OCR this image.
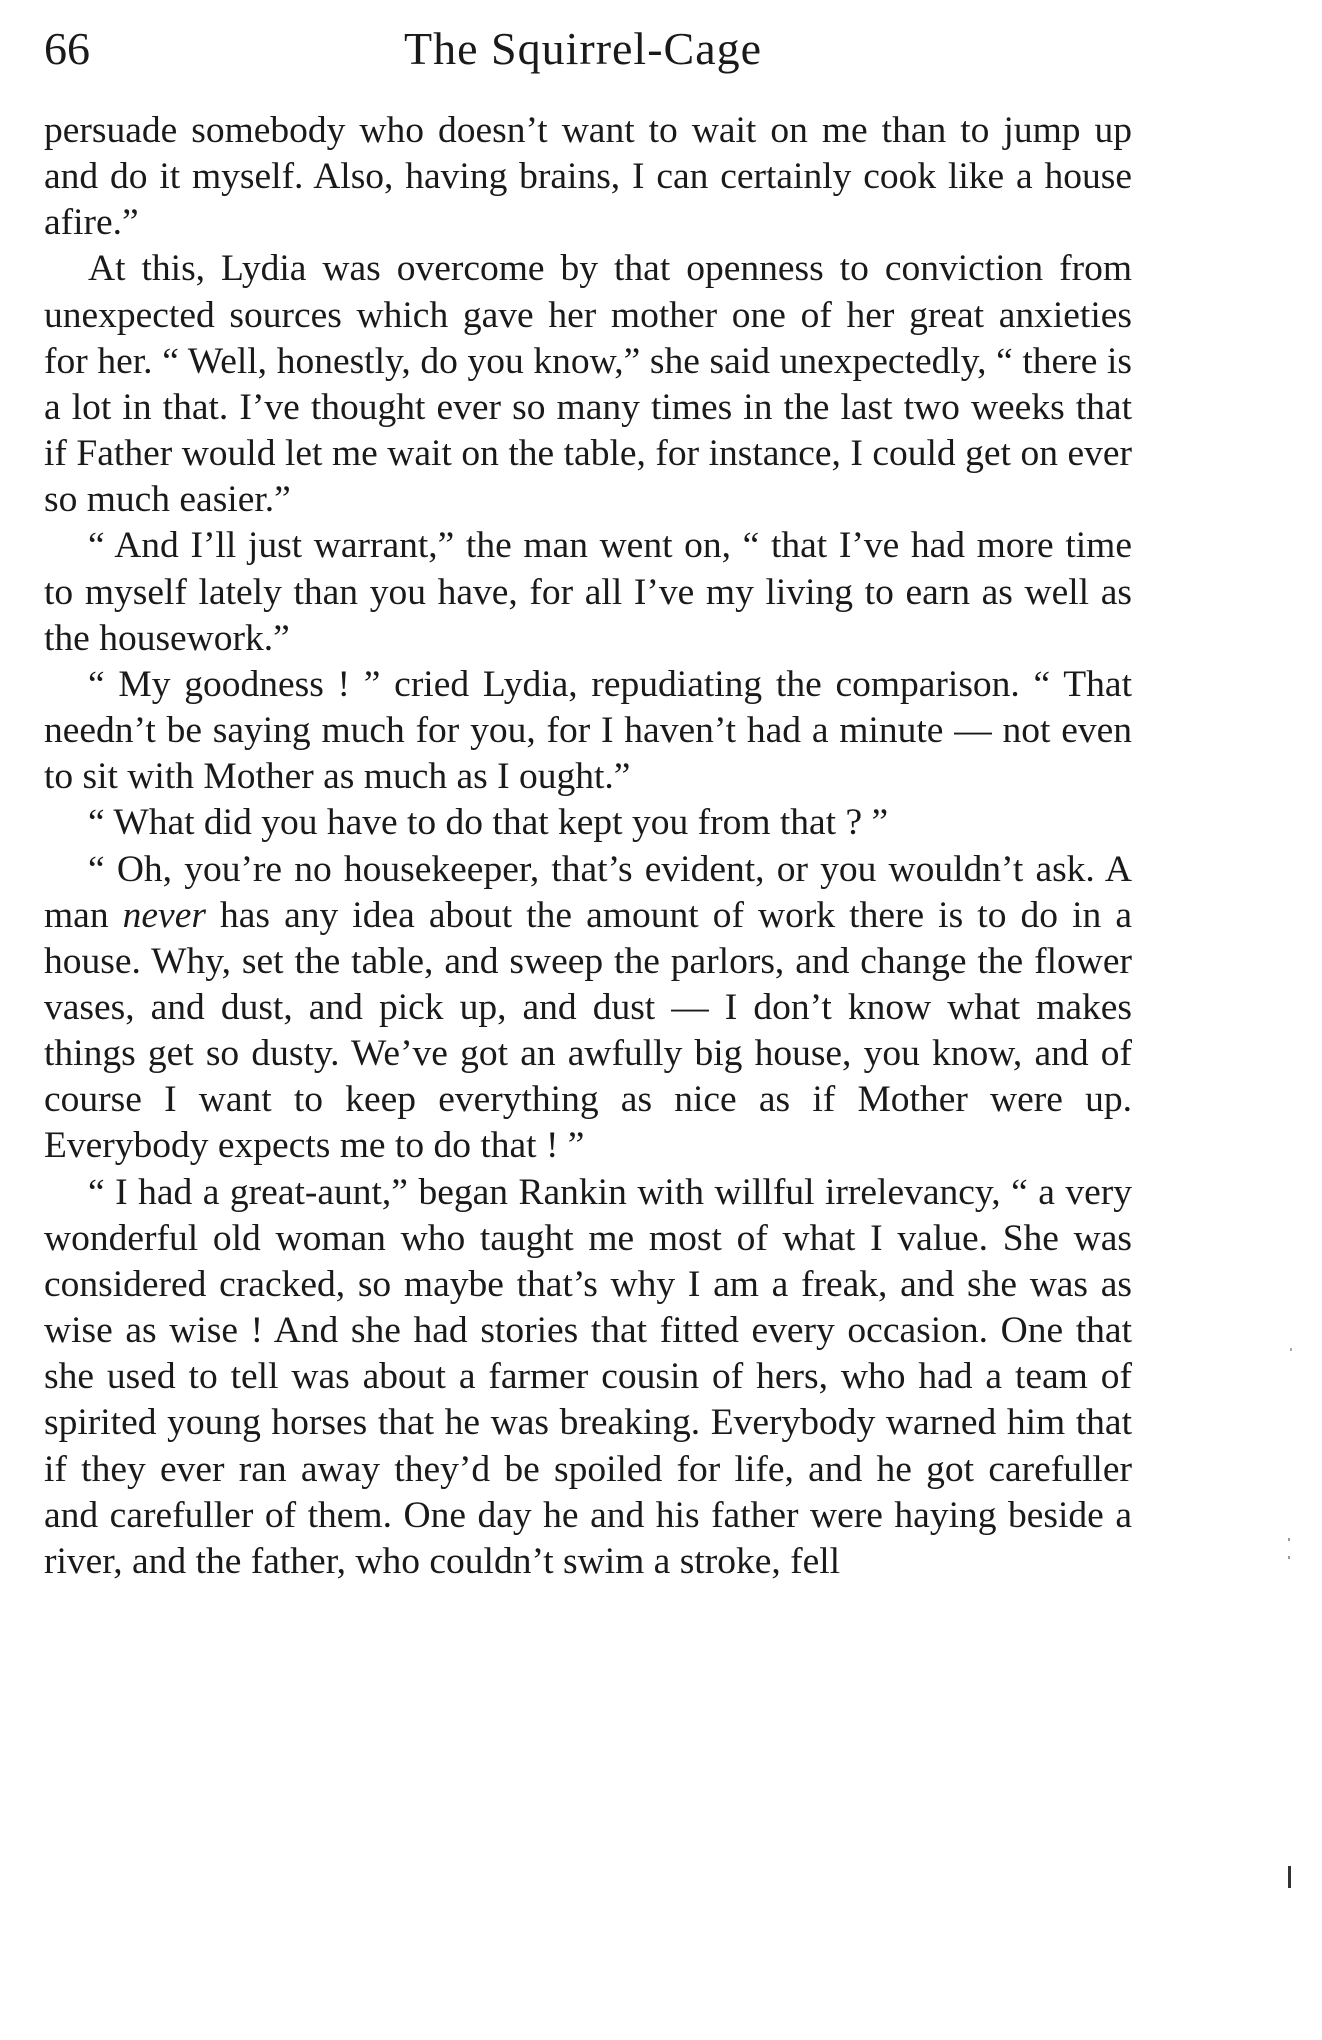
66	The Squirrel-Cage

persuade somebody who doesn’t want to wait on me than to jump up and do it myself. Also, having brains, I can certainly cook like a house afire.”

At this, Lydia was overcome by that openness to conviction from unexpected sources which gave her mother one of her great anxieties for her. “ Well, honestly, do you know,” she said unexpectedly, “ there is a lot in that. I’ve thought ever so many times in the last two weeks that if Father would let me wait on the table, for instance, I could get on ever so much easier.”

“ And I’ll just warrant,” the man went on, “ that I’ve had more time to myself lately than you have, for all I’ve my living to earn as well as the housework.”

“ My goodness ! ” cried Lydia, repudiating the comparison. “ That needn’t be saying much for you, for I haven’t had a minute — not even to sit with Mother as much as I ought.”

“ What did you have to do that kept you from that ? ”

“ Oh, you’re no housekeeper, that’s evident, or you wouldn’t ask. A man never has any idea about the amount of work there is to do in a house. Why, set the table, and sweep the parlors, and change the flower vases, and dust, and pick up, and dust — I don’t know what makes things get so dusty. We’ve got an awfully big house, you know, and of course I want to keep everything as nice as if Mother were up. Everybody expects me to do that ! ”

“ I had a great-aunt,” began Rankin with willful irrelevancy, “ a very wonderful old woman who taught me most of what I value. She was considered cracked, so maybe that’s why I am a freak, and she was as wise as wise ! And she had stories that fitted every occasion. One that she used to tell was about a farmer cousin of hers, who had a team of spirited young horses that he was breaking. Everybody warned him that if they ever ran away they’d be spoiled for life, and he got carefuller and carefuller of them. One day he and his father were haying beside a river, and the father, who couldn’t swim a stroke, fell
